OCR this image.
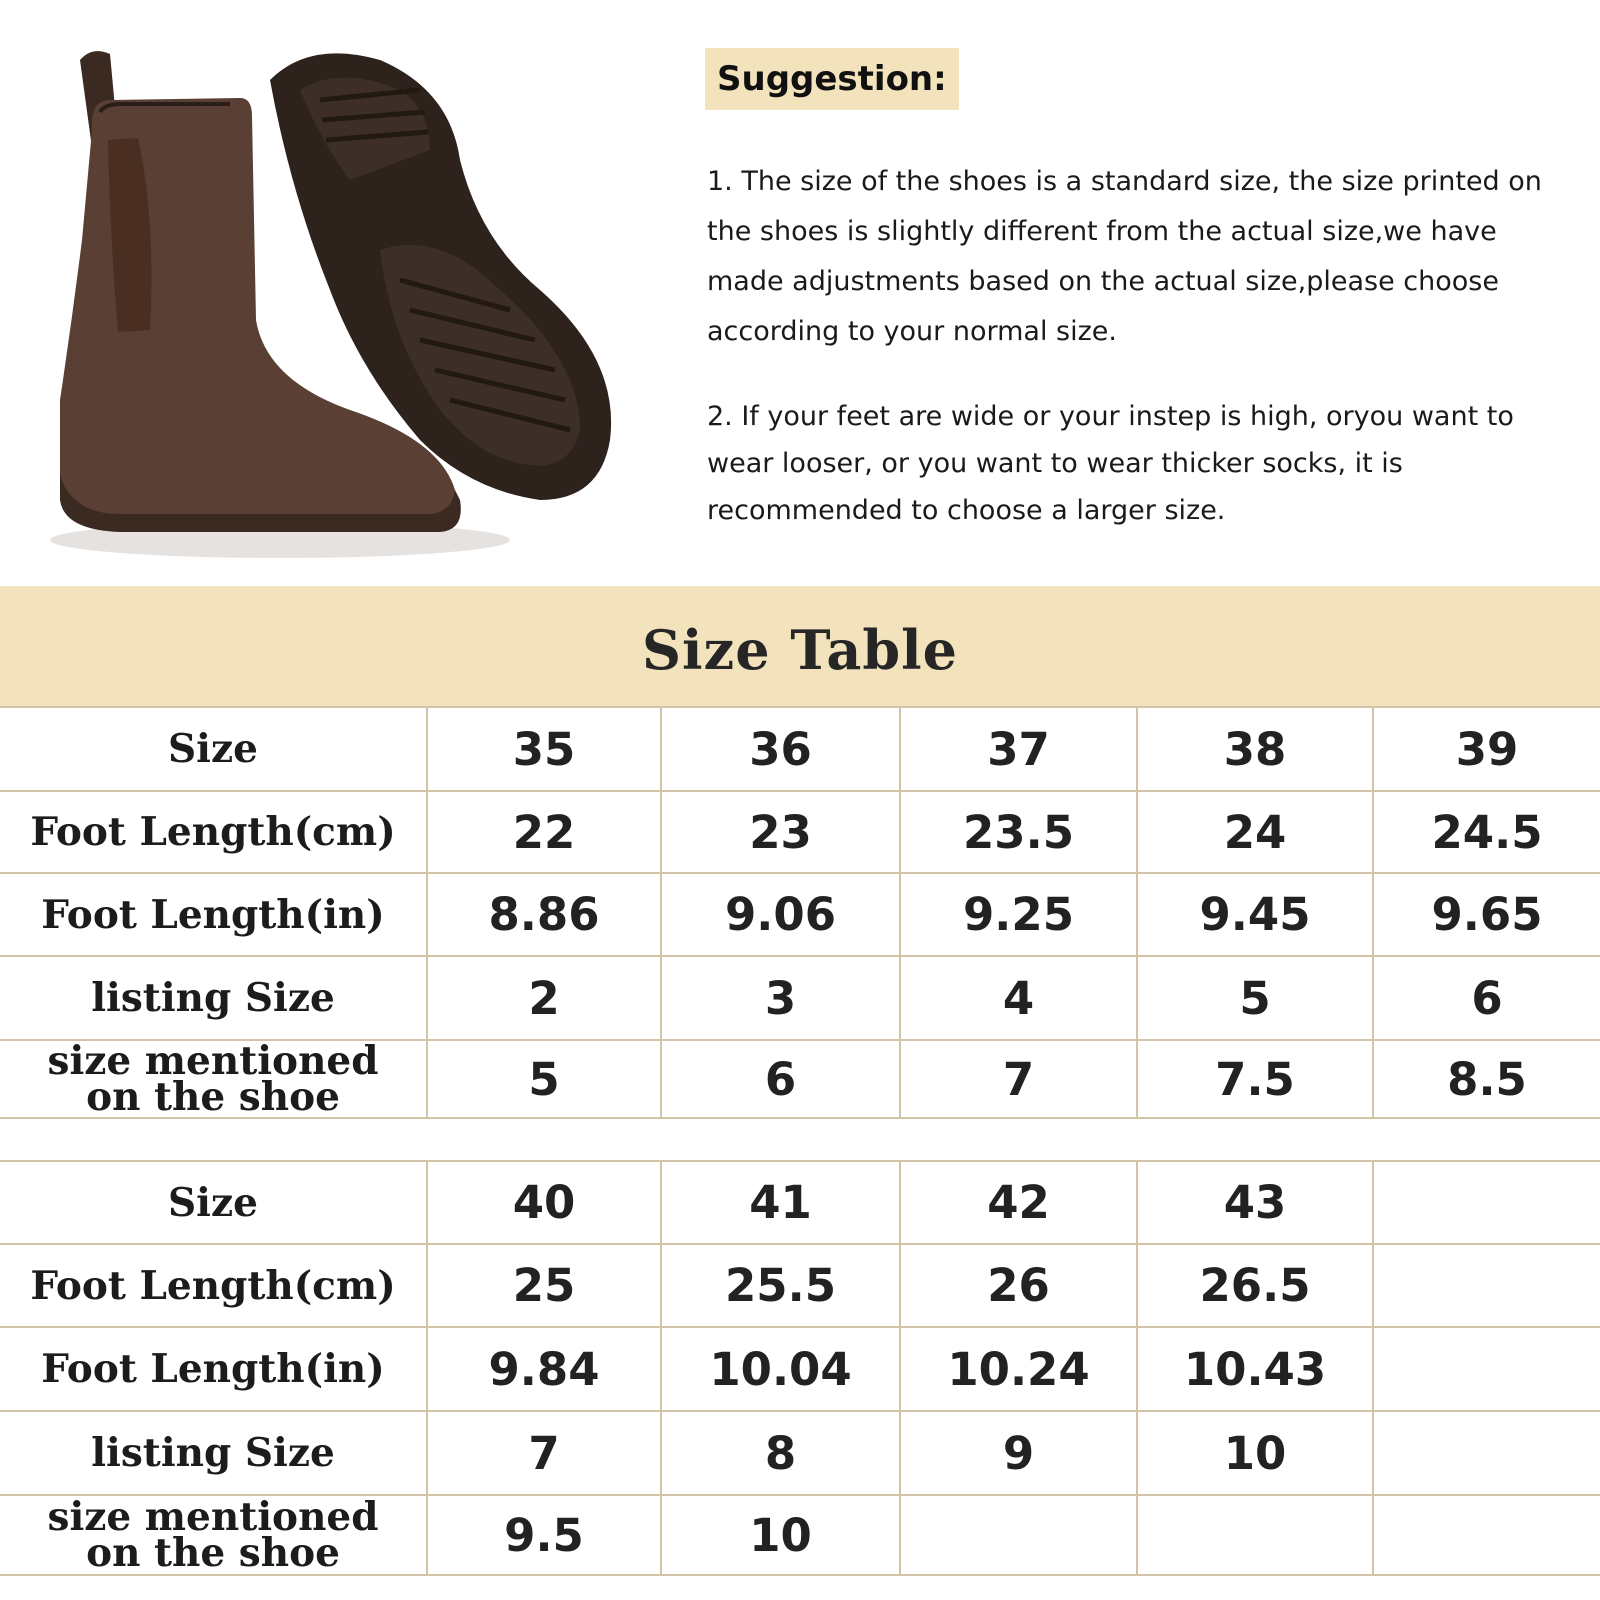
Suggestion:

1. The size of the shoes is a standard size, the size printed on the shoes is slightly different from the actual size,we have made adjustments based on the actual size,please choose according to your normal size.

2. If your feet are wide or your instep is high, oryou want to wear looser, or you want to wear thicker socks, it is recommended to choose a larger size.

Size Table
Size	35	36	37	38	39
Foot Length(cm)	22	23	23.5	24	24.5
Foot Length(in)	8.86	9.06	9.25	9.45	9.65
listing Size	2	3	4	5	6

size mentioned
on the shoe	5	6	7	7.5	8.5
Size	40	41	42	43	
Foot Length(cm)	25	25.5	26	26.5	
Foot Length(in)	9.84	10.04	10.24	10.43	
listing Size	7	8	9	10	

size mentioned
on the shoe	9.5	10			
